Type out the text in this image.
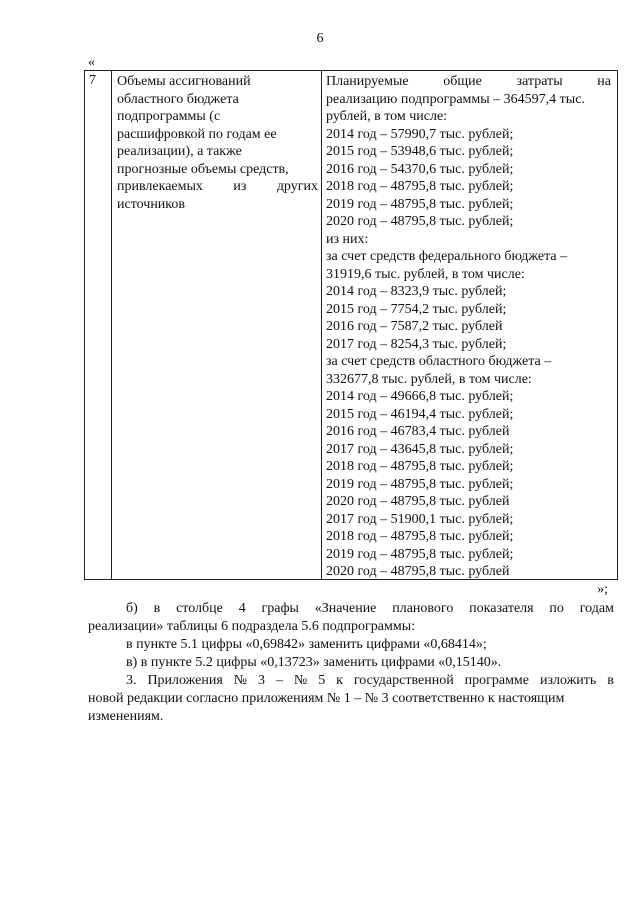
6
«
7 Объемы ассигнований
областного бюджета
подпрограммы (с
расшифровкой по годам ее
реализации), а также
прогнозные объемы средств,
привлекаемых из других
источников
Планируемые общие затраты на
реализацию подпрограммы – 364597,4 тыс.
рублей, в том числе:
2014 год – 57990,7 тыс. рублей;
2015 год – 53948,6 тыс. рублей;
2016 год – 54370,6 тыс. рублей;
2018 год – 48795,8 тыс. рублей;
2019 год – 48795,8 тыс. рублей;
2020 год – 48795,8 тыс. рублей;
из них:
за счет средств федерального бюджета –
31919,6 тыс. рублей, в том числе:
2014 год – 8323,9 тыс. рублей;
2015 год – 7754,2 тыс. рублей;
2016 год – 7587,2 тыс. рублей
2017 год – 8254,3 тыс. рублей;
за счет средств областного бюджета –
332677,8 тыс. рублей, в том числе:
2014 год – 49666,8 тыс. рублей;
2015 год – 46194,4 тыс. рублей;
2016 год – 46783,4 тыс. рублей
2017 год – 43645,8 тыс. рублей;
2018 год – 48795,8 тыс. рублей;
2019 год – 48795,8 тыс. рублей;
2020 год – 48795,8 тыс. рублей
2017 год – 51900,1 тыс. рублей;
2018 год – 48795,8 тыс. рублей;
2019 год – 48795,8 тыс. рублей;
2020 год – 48795,8 тыс. рублей
»;
б) в столбце 4 графы «Значение планового показателя по годам
реализации» таблицы 6 подраздела 5.6 подпрограммы:
в пункте 5.1 цифры «0,69842» заменить цифрами «0,68414»;
в) в пункте 5.2 цифры «0,13723» заменить цифрами «0,15140».
3. Приложения № 3 – № 5 к государственной программе изложить в
новой редакции согласно приложениям № 1 – № 3 соответственно к настоящим
изменениям.
